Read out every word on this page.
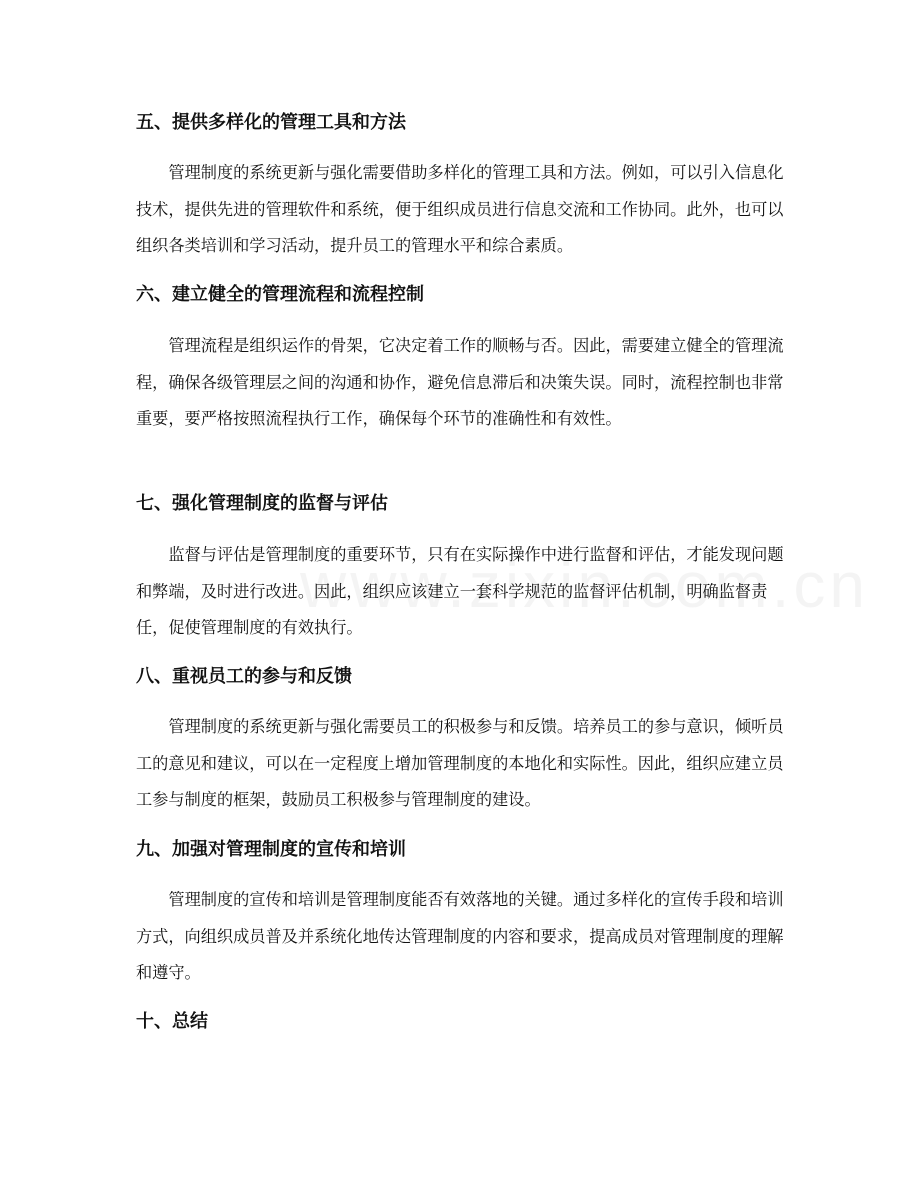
五、提供多样化的管理工具和方法

管理制度的系统更新与强化需要借助多样化的管理工具和方法。例如，可以引入信息化技术，提供先进的管理软件和系统，便于组织成员进行信息交流和工作协同。此外，也可以组织各类培训和学习活动，提升员工的管理水平和综合素质。

六、建立健全的管理流程和流程控制

管理流程是组织运作的骨架，它决定着工作的顺畅与否。因此，需要建立健全的管理流程，确保各级管理层之间的沟通和协作，避免信息滞后和决策失误。同时，流程控制也非常重要，要严格按照流程执行工作，确保每个环节的准确性和有效性。

七、强化管理制度的监督与评估

监督与评估是管理制度的重要环节，只有在实际操作中进行监督和评估，才能发现问题和弊端，及时进行改进。因此，组织应该建立一套科学规范的监督评估机制，明确监督责任，促使管理制度的有效执行。

八、重视员工的参与和反馈

管理制度的系统更新与强化需要员工的积极参与和反馈。培养员工的参与意识，倾听员工的意见和建议，可以在一定程度上增加管理制度的本地化和实际性。因此，组织应建立员工参与制度的框架，鼓励员工积极参与管理制度的建设。

九、加强对管理制度的宣传和培训

管理制度的宣传和培训是管理制度能否有效落地的关键。通过多样化的宣传手段和培训方式，向组织成员普及并系统化地传达管理制度的内容和要求，提高成员对管理制度的理解和遵守。

十、总结
